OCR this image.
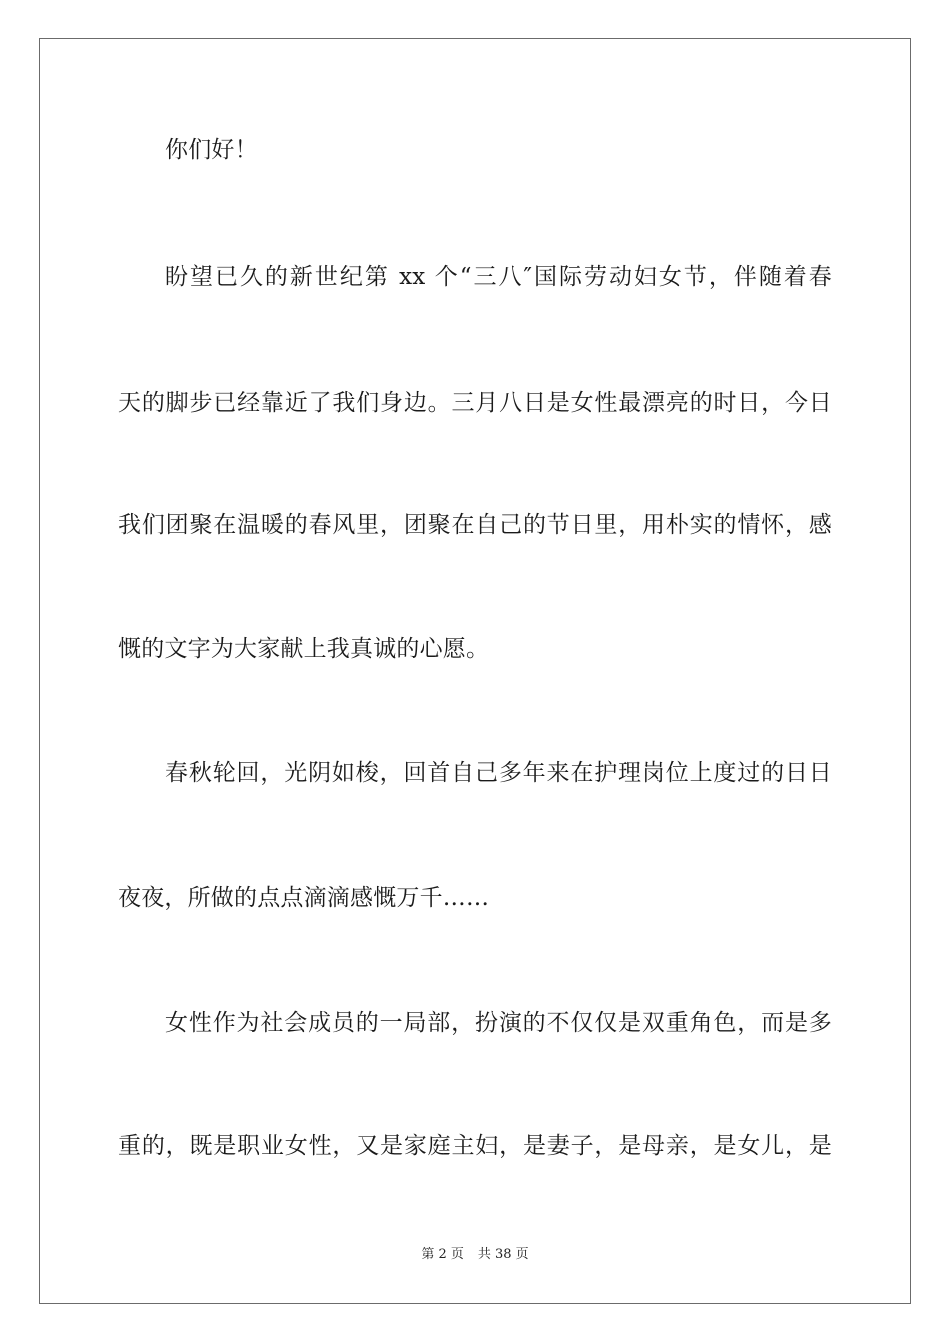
你们好！
盼望已久的新世纪第 xx 个“三八″国际劳动妇女节，伴随着春
天的脚步已经靠近了我们身边。三月八日是女性最漂亮的时日，今日
我们团聚在温暖的春风里，团聚在自己的节日里，用朴实的情怀，感
慨的文字为大家献上我真诚的心愿。
春秋轮回，光阴如梭，回首自己多年来在护理岗位上度过的日日
夜夜，所做的点点滴滴感慨万千……
女性作为社会成员的一局部，扮演的不仅仅是双重角色，而是多
重的，既是职业女性，又是家庭主妇，是妻子，是母亲，是女儿，是
第 2 页 共 38 页
